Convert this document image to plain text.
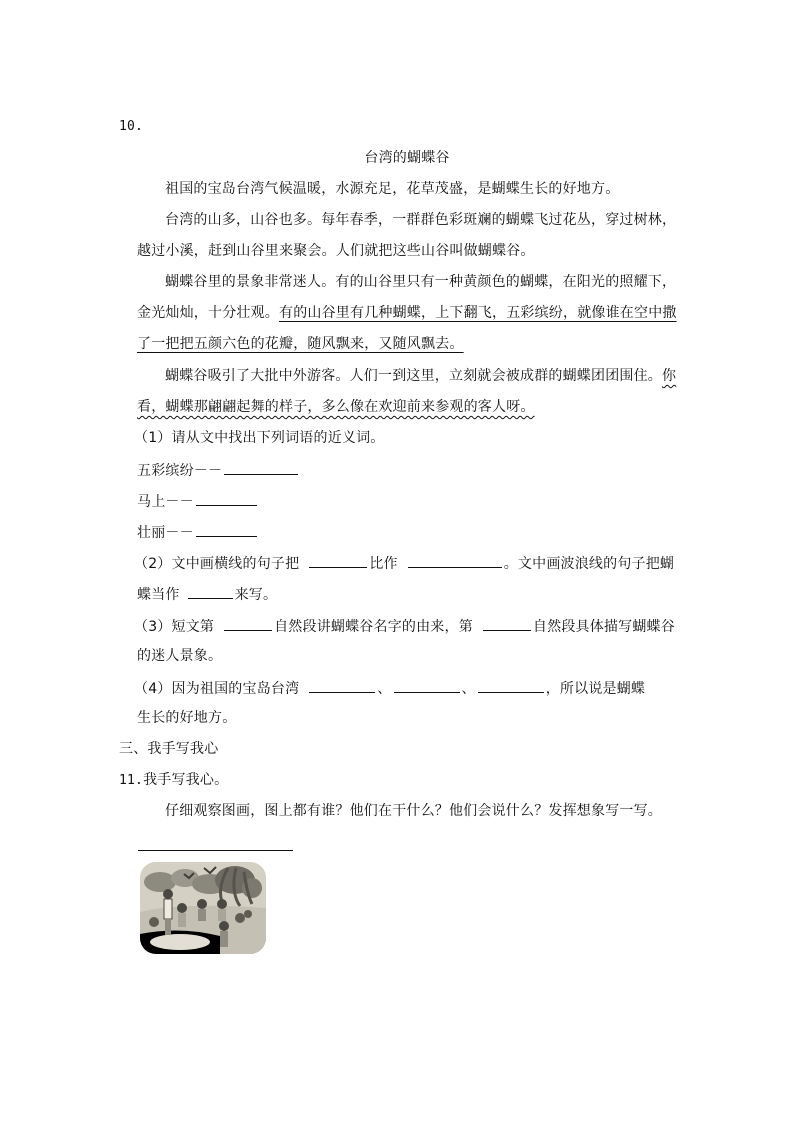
10.
台湾的蝴蝶谷
祖国的宝岛台湾气候温暖，水源充足，花草茂盛，是蝴蝶生长的好地方。
台湾的山多，山谷也多。每年春季，一群群色彩斑斓的蝴蝶飞过花丛，穿过树林，
越过小溪，赶到山谷里来聚会。人们就把这些山谷叫做蝴蝶谷。
蝴蝶谷里的景象非常迷人。有的山谷里只有一种黄颜色的蝴蝶，在阳光的照耀下，
金光灿灿，十分壮观。有的山谷里有几种蝴蝶，上下翻飞，五彩缤纷，就像谁在空中撒
了一把把五颜六色的花瓣，随风飘来，又随风飘去。
蝴蝶谷吸引了大批中外游客。人们一到这里，立刻就会被成群的蝴蝶团团围住。你
看，蝴蝶那翩翩起舞的样子，多么像在欢迎前来参观的客人呀。
（1）请从文中找出下列词语的近义词。
五彩缤纷－－
马上－－
壮丽－－
（2）文中画横线的句子把	比作	。文中画波浪线的句子把蝴
蝶当作	来写。
（3）短文第	自然段讲蝴蝶谷名字的由来，第	自然段具体描写蝴蝶谷
的迷人景象。
（4）因为祖国的宝岛台湾	、	、	，所以说是蝴蝶
生长的好地方。
三、我手写我心
11.我手写我心。
仔细观察图画，图上都有谁？他们在干什么？他们会说什么？发挥想象写一写。
